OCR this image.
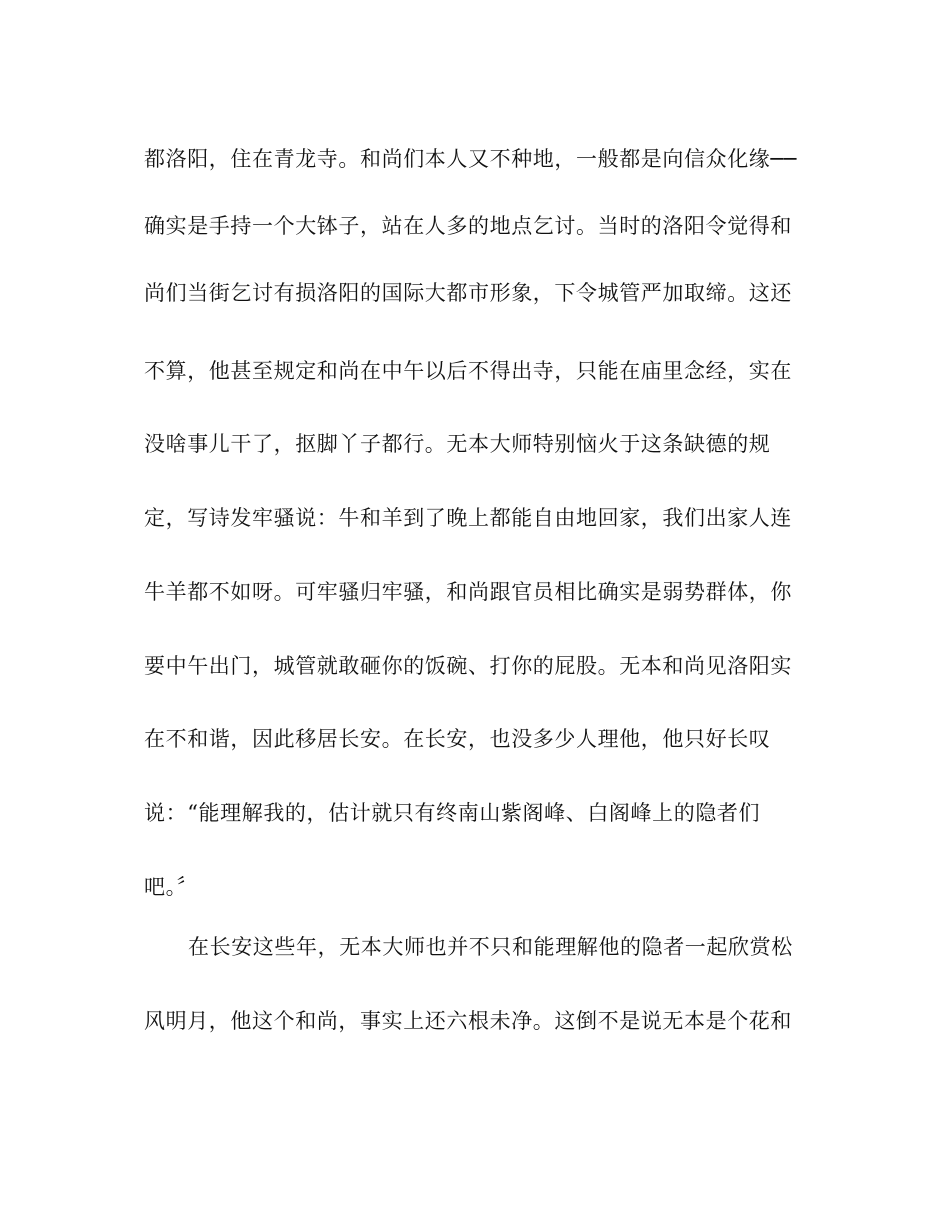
都洛阳，住在青龙寺。和尚们本人又不种地，一般都是向信众化缘──
确实是手持一个大钵子，站在人多的地点乞讨。当时的洛阳令觉得和
尚们当街乞讨有损洛阳的国际大都市形象，下令城管严加取缔。这还
不算，他甚至规定和尚在中午以后不得出寺，只能在庙里念经，实在
没啥事儿干了，抠脚丫子都行。无本大师特别恼火于这条缺德的规
定，写诗发牢骚说：牛和羊到了晚上都能自由地回家，我们出家人连
牛羊都不如呀。可牢骚归牢骚，和尚跟官员相比确实是弱势群体，你
要中午出门，城管就敢砸你的饭碗、打你的屁股。无本和尚见洛阳实
在不和谐，因此移居长安。在长安，也没多少人理他，他只好长叹
说：“能理解我的，估计就只有终南山紫阁峰、白阁峰上的隐者们
吧。〞
在长安这些年，无本大师也并不只和能理解他的隐者一起欣赏松
风明月，他这个和尚，事实上还六根未净。这倒不是说无本是个花和
